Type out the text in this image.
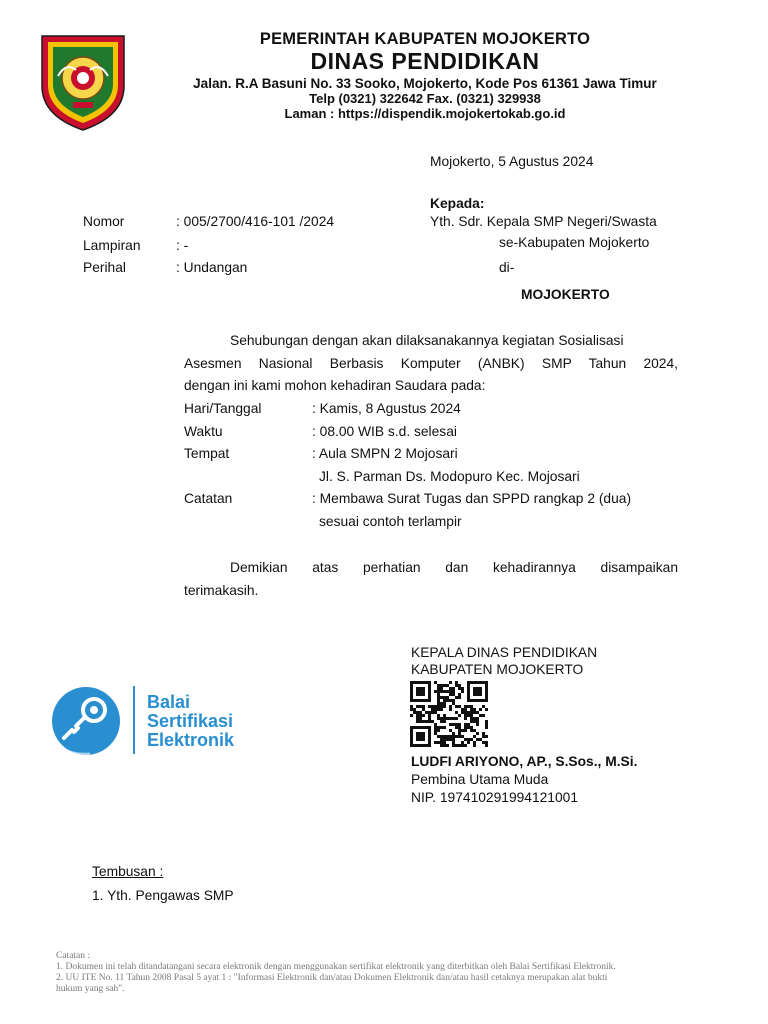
PEMERINTAH KABUPATEN MOJOKERTO
DINAS PENDIDIKAN
Jalan. R.A Basuni No. 33 Sooko, Mojokerto, Kode Pos 61361 Jawa Timur
Telp (0321) 322642 Fax. (0321) 329938
Laman : https://dispendik.mojokertokab.go.id
Mojokerto, 5 Agustus 2024
Kepada:
Yth. Sdr. Kepala SMP Negeri/Swasta
se-Kabupaten Mojokerto
di-
MOJOKERTO
Nomor	: 005/2700/416-101 /2024
Lampiran	: -
Perihal	: Undangan
Sehubungan dengan akan dilaksanakannya kegiatan Sosialisasi
Asesmen Nasional Berbasis Komputer (ANBK) SMP Tahun 2024,
dengan ini kami mohon kehadiran Saudara pada:
Hari/Tanggal	: Kamis, 8 Agustus 2024
Waktu	: 08.00 WIB s.d. selesai
Tempat	: Aula SMPN 2 Mojosari
Jl. S. Parman Ds. Modopuro Kec. Mojosari
Catatan	: Membawa Surat Tugas dan SPPD rangkap 2 (dua)
sesuai contoh terlampir
Demikian atas perhatian dan kehadirannya disampaikan
terimakasih.
Balai
Sertifikasi
Elektronik
KEPALA DINAS PENDIDIKAN
KABUPATEN MOJOKERTO
LUDFI ARIYONO, AP., S.Sos., M.Si.
Pembina Utama Muda
NIP. 197410291994121001
Tembusan :
1. Yth. Pengawas SMP
Catatan :
1. Dokumen ini telah ditandatangani secara elektronik dengan menggunakan sertifikat elektronik yang diterbitkan oleh Balai Sertifikasi Elektronik.
2. UU ITE No. 11 Tahun 2008 Pasal 5 ayat 1 : "Informasi Elektronik dan/atau Dokumen Elektronik dan/atau hasil cetaknya merupakan alat bukti
hukum yang sah".
